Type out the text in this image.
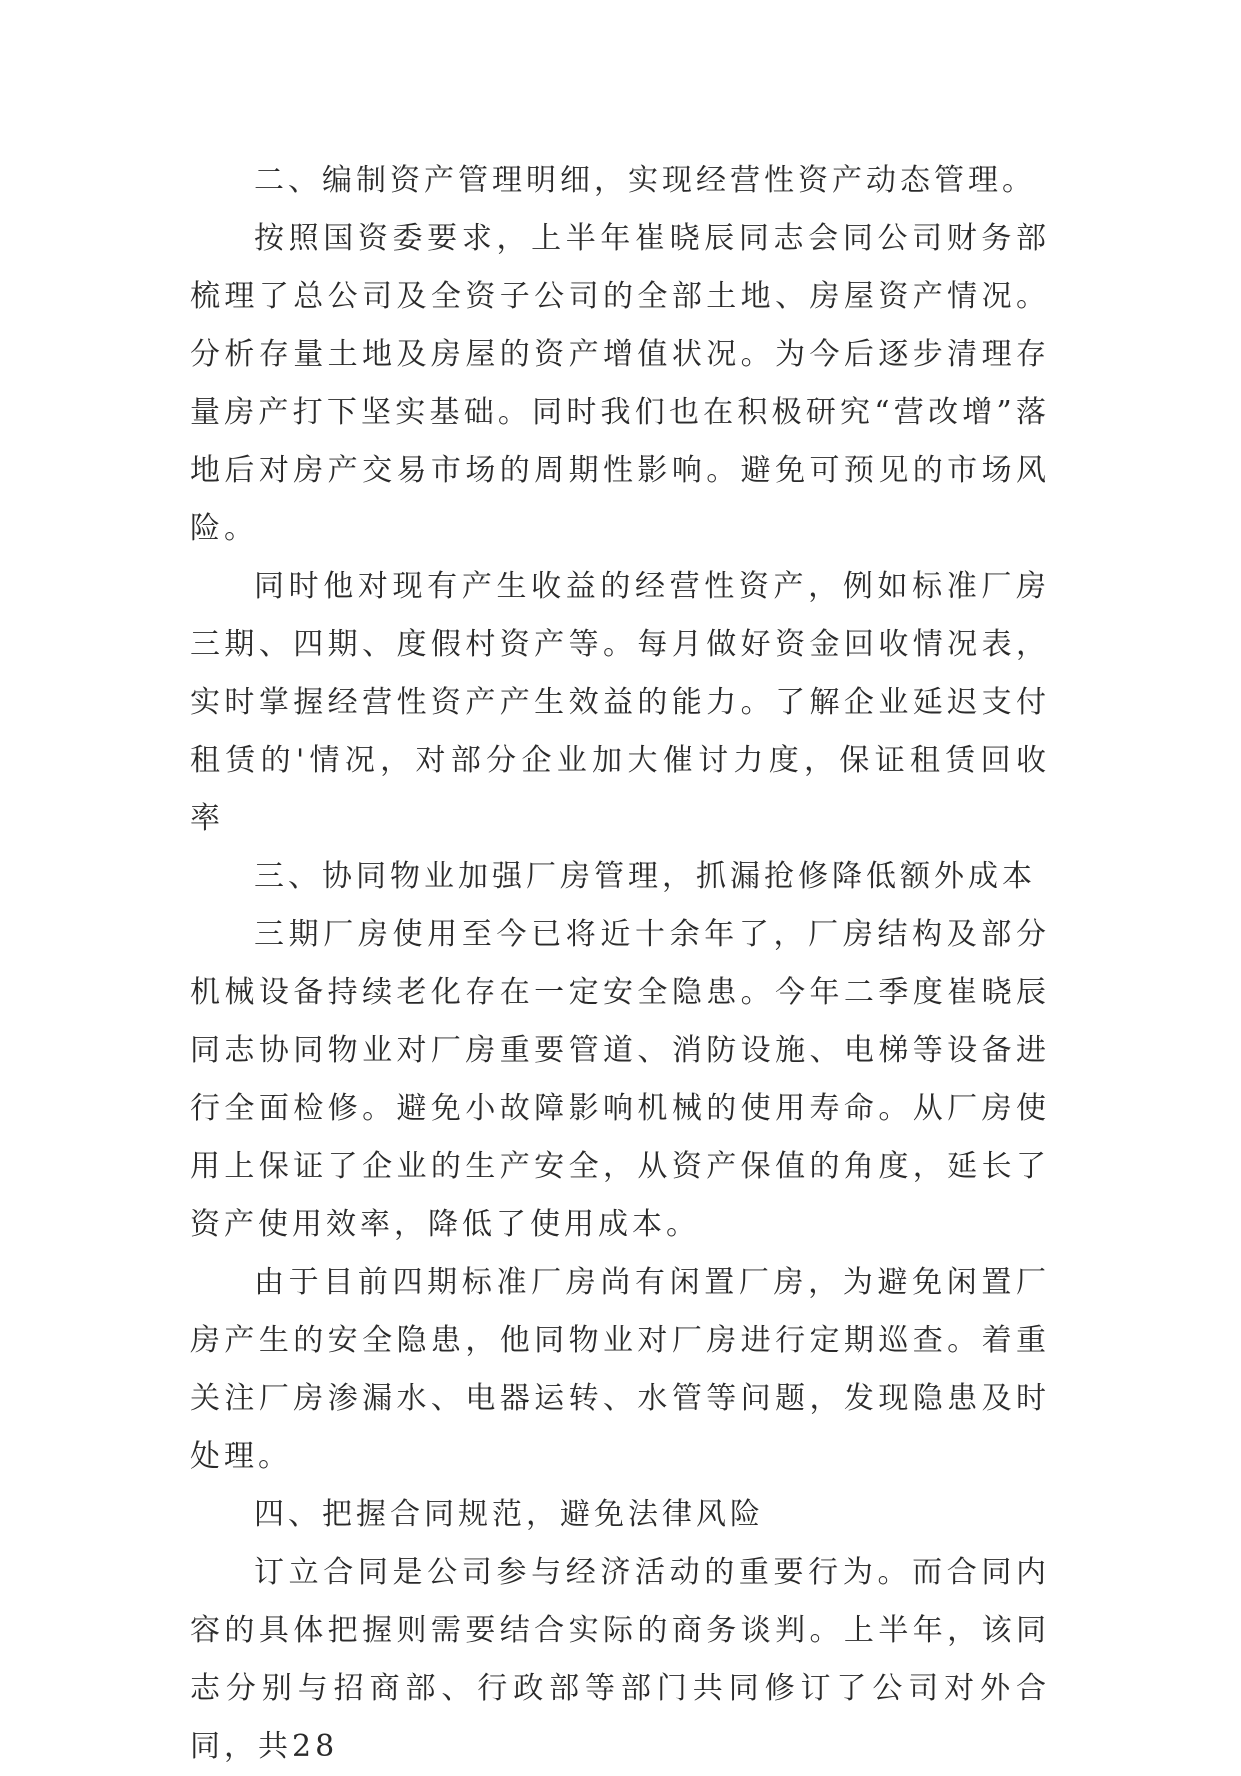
二、编制资产管理明细，实现经营性资产动态管理。

按照国资委要求，上半年崔晓辰同志会同公司财务部梳理了总公司及全资子公司的全部土地、房屋资产情况。分析存量土地及房屋的资产增值状况。为今后逐步清理存量房产打下坚实基础。同时我们也在积极研究“营改增”落地后对房产交易市场的周期性影响。避免可预见的市场风险。

同时他对现有产生收益的经营性资产，例如标准厂房三期、四期、度假村资产等。每月做好资金回收情况表，实时掌握经营性资产产生效益的能力。了解企业延迟支付租赁的'情况，对部分企业加大催讨力度，保证租赁回收率

三、协同物业加强厂房管理，抓漏抢修降低额外成本

三期厂房使用至今已将近十余年了，厂房结构及部分机械设备持续老化存在一定安全隐患。今年二季度崔晓辰同志协同物业对厂房重要管道、消防设施、电梯等设备进行全面检修。避免小故障影响机械的使用寿命。从厂房使用上保证了企业的生产安全，从资产保值的角度，延长了资产使用效率，降低了使用成本。

由于目前四期标准厂房尚有闲置厂房，为避免闲置厂房产生的安全隐患，他同物业对厂房进行定期巡查。着重关注厂房渗漏水、电器运转、水管等问题，发现隐患及时处理。

四、把握合同规范，避免法律风险

订立合同是公司参与经济活动的重要行为。而合同内容的具体把握则需要结合实际的商务谈判。上半年，该同志分别与招商部、行政部等部门共同修订了公司对外合同，共28
